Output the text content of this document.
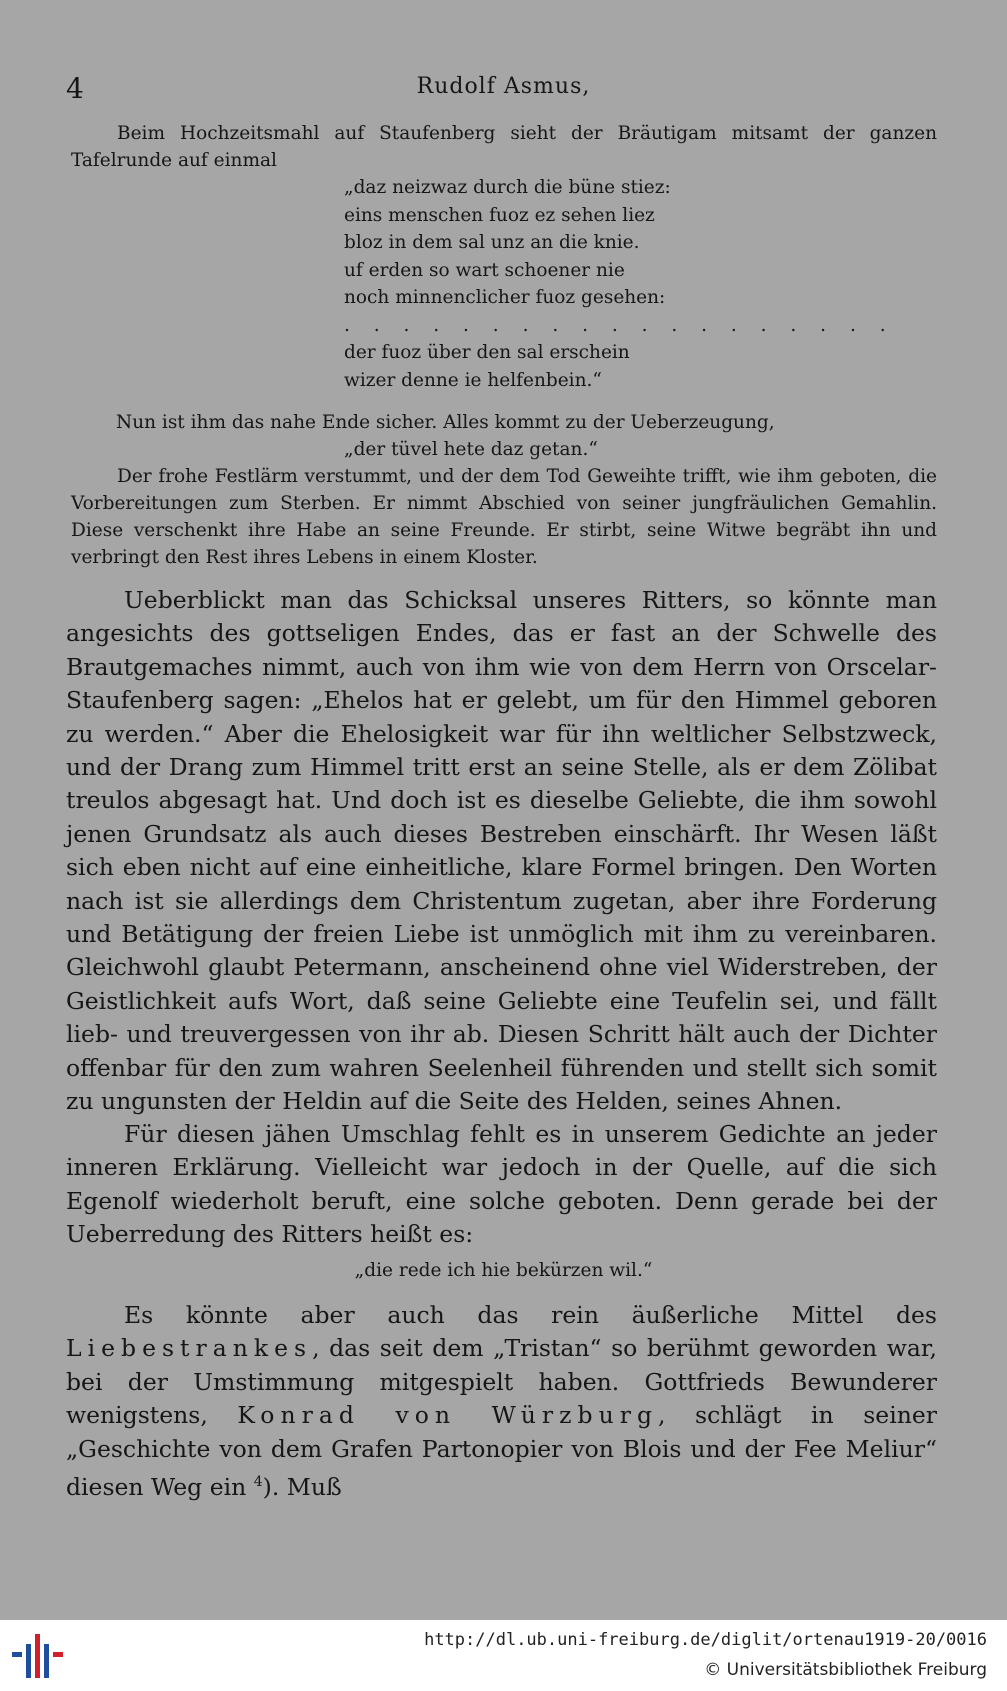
4	Rudolf Asmus,
Beim Hochzeitsmahl auf Staufenberg sieht der Bräutigam mitsamt der ganzen Tafelrunde auf einmal
„daz neizwaz durch die büne stiez:
eins menschen fuoz ez sehen liez
bloz in dem sal unz an die knie.
uf erden so wart schoener nie
noch minnenclicher fuoz gesehen:
. . . . . . . . . . . . . . . . . . .
der fuoz über den sal erschein
wizer denne ie helfenbein.“
Nun ist ihm das nahe Ende sicher. Alles kommt zu der Ueberzeugung,
„der tüvel hete daz getan.“
Der frohe Festlärm verstummt, und der dem Tod Geweihte trifft, wie ihm geboten, die Vorbereitungen zum Sterben. Er nimmt Abschied von seiner jungfräulichen Gemahlin. Diese verschenkt ihre Habe an seine Freunde. Er stirbt, seine Witwe begräbt ihn und verbringt den Rest ihres Lebens in einem Kloster.
Ueberblickt man das Schicksal unseres Ritters, so könnte man angesichts des gottseligen Endes, das er fast an der Schwelle des Brautgemaches nimmt, auch von ihm wie von dem Herrn von Orscelar-Staufenberg sagen: „Ehelos hat er gelebt, um für den Himmel geboren zu werden.“ Aber die Ehelosigkeit war für ihn weltlicher Selbstzweck, und der Drang zum Himmel tritt erst an seine Stelle, als er dem Zölibat treulos abgesagt hat. Und doch ist es dieselbe Geliebte, die ihm sowohl jenen Grundsatz als auch dieses Bestreben einschärft. Ihr Wesen läßt sich eben nicht auf eine einheitliche, klare Formel bringen. Den Worten nach ist sie allerdings dem Christentum zugetan, aber ihre Forderung und Betätigung der freien Liebe ist unmöglich mit ihm zu vereinbaren. Gleichwohl glaubt Petermann, anscheinend ohne viel Widerstreben, der Geistlichkeit aufs Wort, daß seine Geliebte eine Teufelin sei, und fällt lieb- und treuvergessen von ihr ab. Diesen Schritt hält auch der Dichter offenbar für den zum wahren Seelenheil führenden und stellt sich somit zu ungunsten der Heldin auf die Seite des Helden, seines Ahnen.
Für diesen jähen Umschlag fehlt es in unserem Gedichte an jeder inneren Erklärung. Vielleicht war jedoch in der Quelle, auf die sich Egenolf wiederholt beruft, eine solche geboten. Denn gerade bei der Ueberredung des Ritters heißt es:
„die rede ich hie bekürzen wil.“
Es könnte aber auch das rein äußerliche Mittel des Liebestrankes, das seit dem „Tristan“ so berühmt geworden war, bei der Umstimmung mitgespielt haben. Gottfrieds Bewunderer wenigstens, Konrad von Würzburg, schlägt in seiner „Geschichte von dem Grafen Partonopier von Blois und der Fee Meliur“ diesen Weg ein $^4$). Muß
http://dl.ub.uni-freiburg.de/diglit/ortenau1919-20/0016
© Universitätsbibliothek Freiburg
